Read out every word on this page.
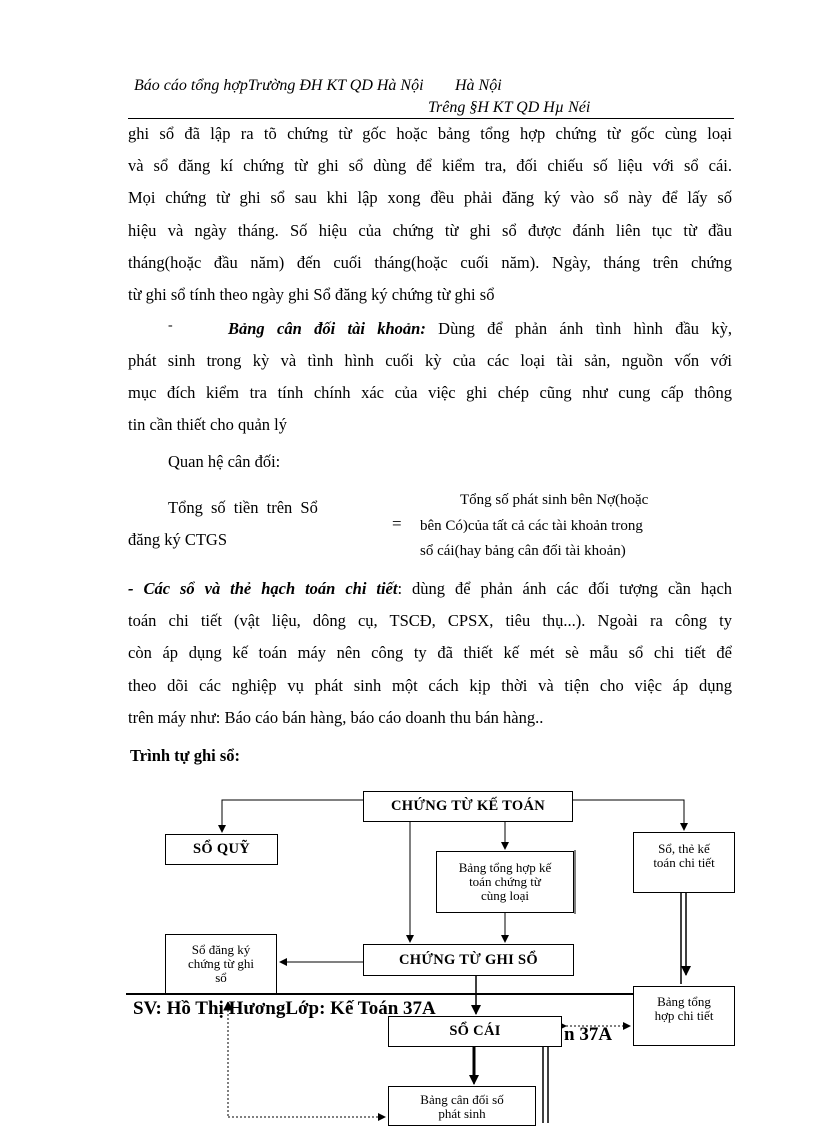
Báo cáo tổng hợpTrường ĐH KT QD Hà Nội Hà Nội
Trêng §H KT QD Hµ Néi
ghi sổ đã lập ra tõ chứng từ gốc hoặc bảng tổng hợp chứng từ gốc cùng loại
và sổ đăng kí chứng từ ghi sổ dùng để kiểm tra, đối chiếu số liệu với sổ cái.
Mọi chứng từ ghi sổ sau khi lập xong đều phải đăng ký vào sổ này để lấy số
hiệu và ngày tháng. Số hiệu của chứng từ ghi sổ được đánh liên tục từ đầu
tháng(hoặc đầu năm) đến cuối tháng(hoặc cuối năm). Ngày, tháng trên chứng
từ ghi sổ tính theo ngày ghi Sổ đăng ký chứng từ ghi sổ
-	Bảng cân đối tài khoản: Dùng để phản ánh tình hình đầu kỳ,
phát sinh trong kỳ và tình hình cuối kỳ của các loại tài sản, nguồn vốn với
mục đích kiểm tra tính chính xác của việc ghi chép cũng như cung cấp thông
tin cần thiết cho quản lý
Quan hệ cân đối:
Tổng số tiền trên Sổ
đăng ký CTGS
=
Tổng số phát sinh bên Nợ(hoặc
bên Có)của tất cả các tài khoản trong
sổ cái(hay bảng cân đối tài khoản)
- Các sổ và thẻ hạch toán chi tiết: dùng để phản ánh các đối tượng cần hạch
toán chi tiết (vật liệu, dông cụ, TSCĐ, CPSX, tiêu thụ...). Ngoài ra công ty
còn áp dụng kế toán máy nên công ty đã thiết kế mét sè mẫu sổ chi tiết để
theo dõi các nghiệp vụ phát sinh một cách kịp thời và tiện cho việc áp dụng
trên máy như: Báo cáo bán hàng, báo cáo doanh thu bán hàng..
Trình tự ghi sổ:
CHỨNG TỪ KẾ TOÁN
SỔ QUỸ	Sổ, thẻ kế
toán chi tiết
Bảng tổng hợp kế
toán chứng từ
cùng loại
Sổ đăng ký
chứng từ ghi
sổ
CHỨNG TỪ GHI SỔ
Bảng tổng
hợp chi tiết
SỔ CÁI
Bảng cân đối số
phát sinh
SV: Hồ Thị HươngLớp: Kế Toán 37A
n 37A
